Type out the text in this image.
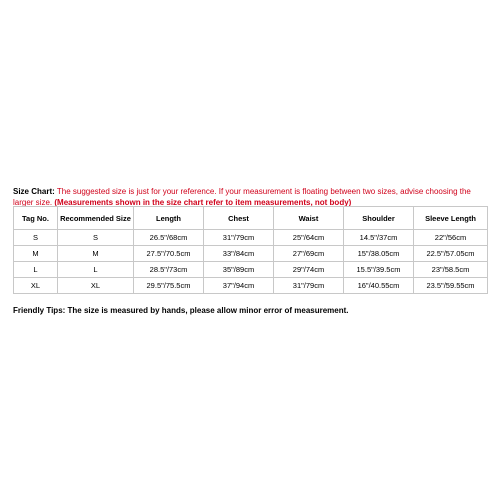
Size Chart: The suggested size is just for your reference. If your measurement is floating between two sizes, advise choosing the larger size. (Measurements shown in the size chart refer to item measurements, not body)
Tag No.	Recommended Size	Length	Chest	Waist	Shoulder	Sleeve Length
S	S	26.5"/68cm	31"/79cm	25"/64cm	14.5"/37cm	22"/56cm
M	M	27.5"/70.5cm	33"/84cm	27"/69cm	15"/38.05cm	22.5"/57.05cm
L	L	28.5"/73cm	35"/89cm	29"/74cm	15.5"/39.5cm	23"/58.5cm
XL	XL	29.5"/75.5cm	37"/94cm	31"/79cm	16"/40.55cm	23.5"/59.55cm
Friendly Tips: The size is measured by hands, please allow minor error of measurement.
